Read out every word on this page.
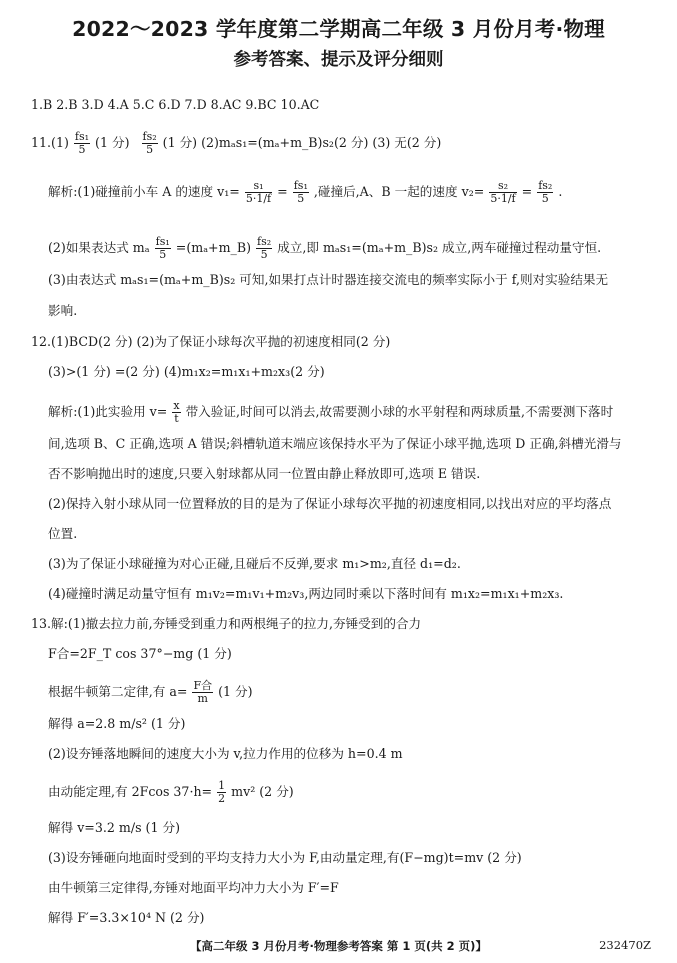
2022～2023 学年度第二学期高二年级 3 月份月考·物理
参考答案、提示及评分细则
1.B 2.B 3.D 4.A 5.C 6.D 7.D 8.AC 9.BC 10.AC
$11.(1) \frac{\text{fs₁}}{5} (1$ 分) $\frac{\text{fs₂}}{5} (1$ 分) (2)mₐs₁=(mₐ+m_B)s₂(2 分) (3) 无(2 分)
解析:(1)碰撞前小车 A 的速度 $v_1= \frac{\text{s₁}}{5\cdot 1/f} = \frac{\text{fs₁}}{5}$ ,碰撞后,A、B 一起的速度 $v_2= \frac{\text{s₂}}{5\cdot 1/f} = \frac{\text{fs₂}}{5}$ .
(2)如果表达式 mₐ $\frac{\text{fs₁}}{5}$ =(mₐ+m_B) $\frac{\text{fs₂}}{5}$ 成立,即 mₐs₁=(mₐ+m_B)s₂ 成立,两车碰撞过程动量守恒.
(3)由表达式 mₐs₁=(mₐ+m_B)s₂ 可知,如果打点计时器连接交流电的频率实际小于 f,则对实验结果无
影响.
12.(1)BCD(2 分) (2)为了保证小球每次平抛的初速度相同(2 分)
(3)>(1 分) =(2 分) (4)m₁x₂=m₁x₁+m₂x₃(2 分)
解析:(1)此实验用 $v= \frac{x}{t}$ 带入验证,时间可以消去,故需要测小球的水平射程和两球质量,不需要测下落时
间,选项 B、C 正确,选项 A 错误;斜槽轨道末端应该保持水平为了保证小球平抛,选项 D 正确,斜槽光滑与
否不影响抛出时的速度,只要入射球都从同一位置由静止释放即可,选项 E 错误.
(2)保持入射小球从同一位置释放的目的是为了保证小球每次平抛的初速度相同,以找出对应的平均落点
位置.
(3)为了保证小球碰撞为对心正碰,且碰后不反弹,要求 m₁>m₂,直径 d₁=d₂.
(4)碰撞时满足动量守恒有 m₁v₂=m₁v₁+m₂v₃,两边同时乘以下落时间有 m₁x₂=m₁x₁+m₂x₃.
13.解:(1)撤去拉力前,夯锤受到重力和两根绳子的拉力,夯锤受到的合力
F合=2F_T cos 37°−mg (1 分)
根据牛顿第二定律,有 $a= \frac{\text{F合}}{m} (1$ 分)
解得 a=2.8 m/s² (1 分)
(2)设夯锤落地瞬间的速度大小为 v,拉力作用的位移为 h=0.4 m
由动能定理,有 2Fcos $37\cdot h= \frac{1}{2} mv^2$ (2 分)
解得 v=3.2 m/s (1 分)
(3)设夯锤砸向地面时受到的平均支持力大小为 F,由动量定理,有(F−mg)t=mv (2 分)
由牛顿第三定律得,夯锤对地面平均冲力大小为 F′=F
解得 F′=3.3×10⁴ N (2 分)
【高二年级 3 月份月考·物理参考答案 第 1 页(共 2 页)】	232470Z
